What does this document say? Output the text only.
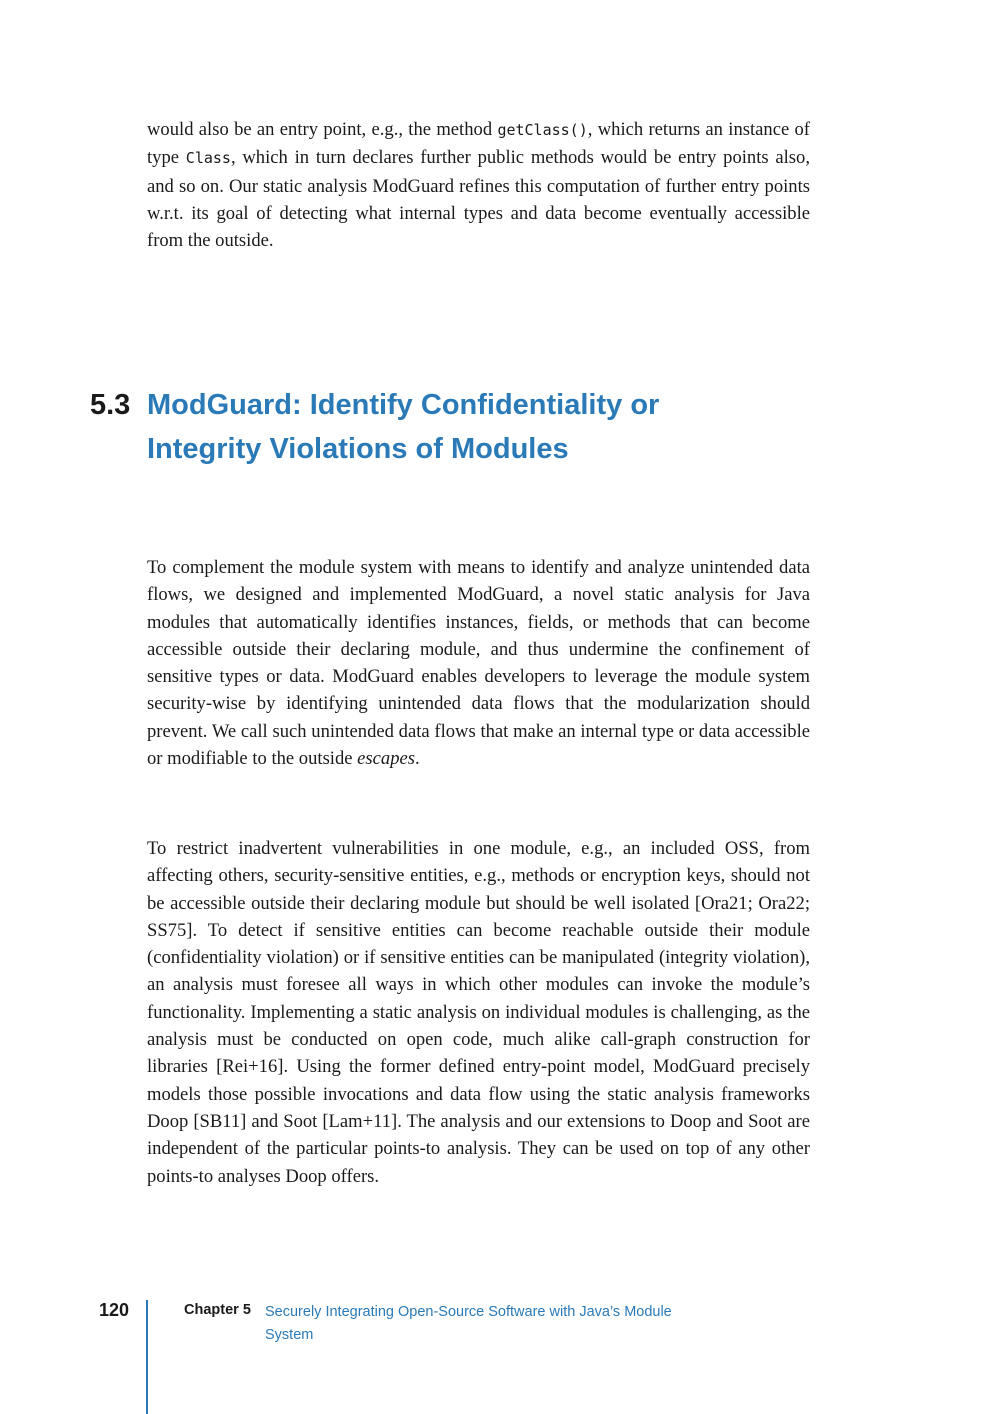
would also be an entry point, e.g., the method getClass(), which returns an instance of type Class, which in turn declares further public methods would be entry points also, and so on. Our static analysis ModGuard refines this computation of further entry points w.r.t. its goal of detecting what internal types and data become eventually accessible from the outside.

5.3 ModGuard: Identify Confidentiality or Integrity Violations of Modules

To complement the module system with means to identify and analyze unintended data flows, we designed and implemented ModGuard, a novel static analysis for Java modules that automatically identifies instances, fields, or methods that can become accessible outside their declaring module, and thus undermine the confinement of sensitive types or data. ModGuard enables developers to leverage the module system security-wise by identifying unintended data flows that the modularization should prevent. We call such unintended data flows that make an internal type or data accessible or modifiable to the outside escapes.

To restrict inadvertent vulnerabilities in one module, e.g., an included OSS, from affecting others, security-sensitive entities, e.g., methods or encryption keys, should not be accessible outside their declaring module but should be well isolated [Ora21; Ora22; SS75]. To detect if sensitive entities can become reachable outside their module (confidentiality violation) or if sensitive entities can be manipulated (integrity violation), an analysis must foresee all ways in which other modules can invoke the module’s functionality. Implementing a static analysis on individual modules is challenging, as the analysis must be conducted on open code, much alike call-graph construction for libraries [Rei+16]. Using the former defined entry-point model, ModGuard precisely models those possible invocations and data flow using the static analysis frameworks Doop [SB11] and Soot [Lam+11]. The analysis and our extensions to Doop and Soot are independent of the particular points-to analysis. They can be used on top of any other points-to analyses Doop offers.

120	Chapter 5 Securely Integrating Open-Source Software with Java’s Module System
